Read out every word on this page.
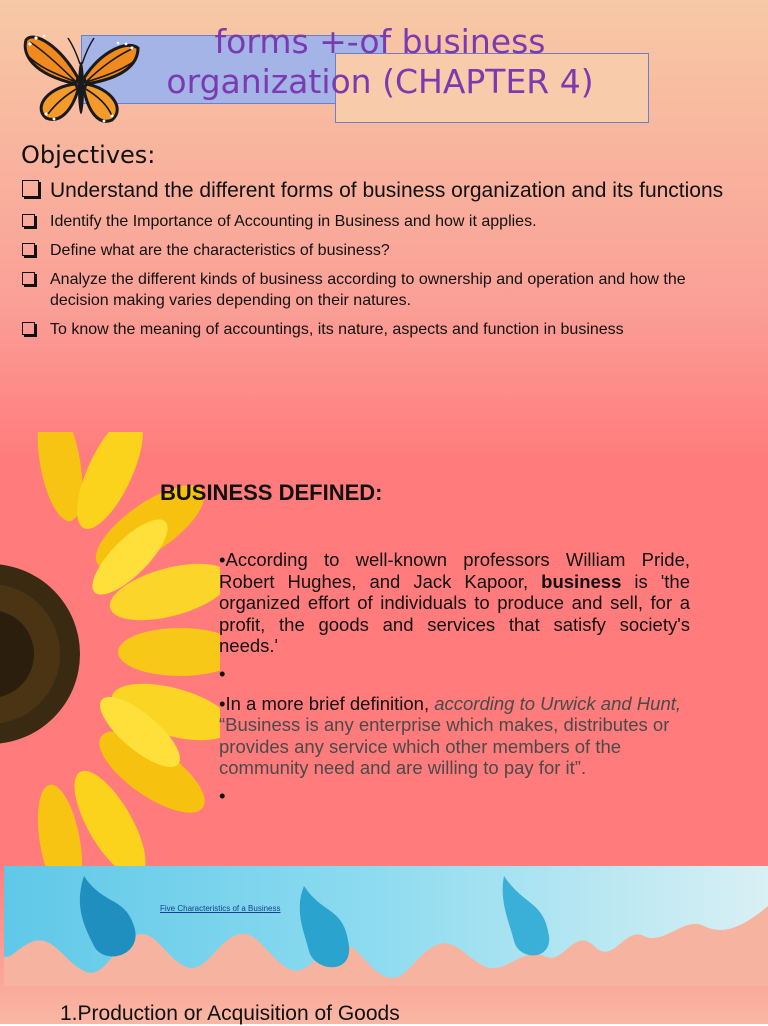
forms +-of business
organization (CHAPTER 4)
Objectives:
Understand the different forms of business organization and its functions
Identify the Importance of Accounting in Business and how it applies.
Define what are the characteristics of business?
Analyze the different kinds of business according to ownership and operation and how the decision making varies depending on their natures.
To know the meaning of accountings, its nature, aspects and function in business
BUSINESS DEFINED:

•According to well-known professors William Pride, Robert Hughes, and Jack Kapoor, business is 'the organized effort of individuals to produce and sell, for a profit, the goods and services that satisfy society's needs.'

•

•In a more brief definition, according to Urwick and Hunt, “Business is any enterprise which makes, distributes or provides any service which other members of the community need and are willing to pay for it”.

•

Five Characteristics of a Business
1.Production or Acquisition of Goods
